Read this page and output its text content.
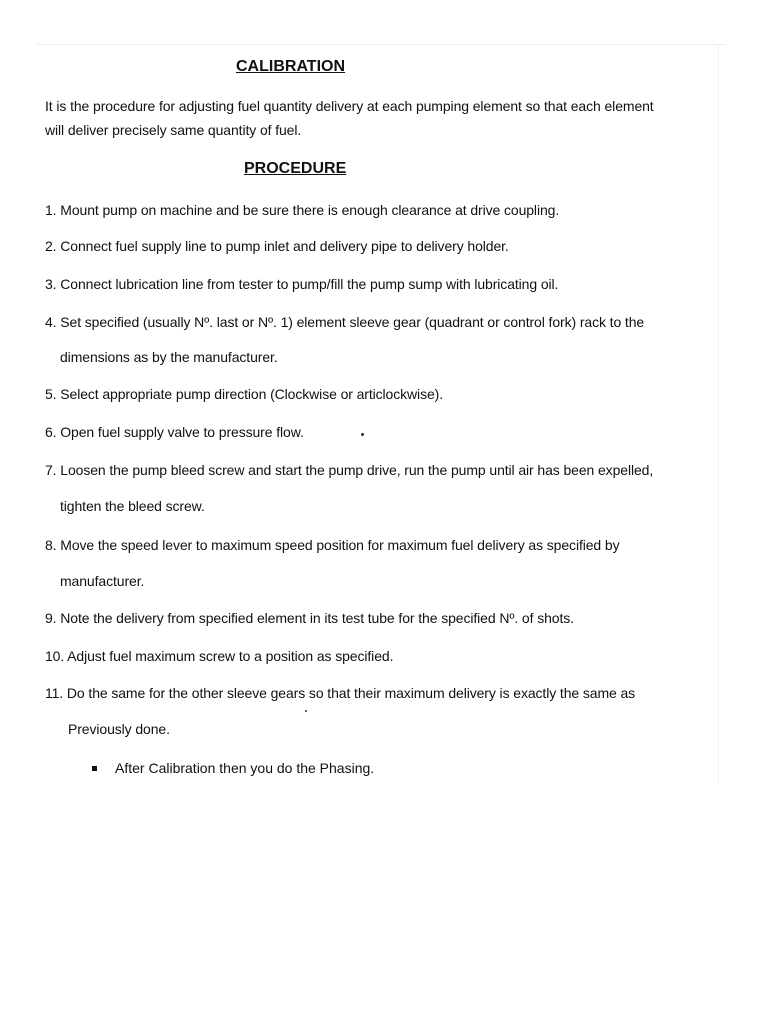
CALIBRATION
It is the procedure for adjusting fuel quantity delivery at each pumping element so that each element
will deliver precisely same quantity of fuel.
PROCEDURE
1. Mount pump on machine and be sure there is enough clearance at drive coupling.
2. Connect fuel supply line to pump inlet and delivery pipe to delivery holder.
3. Connect lubrication line from tester to pump/fill the pump sump with lubricating oil.
4. Set specified (usually Nº. last or Nº. 1) element sleeve gear (quadrant or control fork) rack to the
dimensions as by the manufacturer.
5. Select appropriate pump direction (Clockwise or articlockwise).
6. Open fuel supply valve to pressure flow.
7. Loosen the pump bleed screw and start the pump drive, run the pump until air has been expelled,
tighten the bleed screw.
8. Move the speed lever to maximum speed position for maximum fuel delivery as specified by
manufacturer.
9. Note the delivery from specified element in its test tube for the specified Nº. of shots.
10. Adjust fuel maximum screw to a position as specified.
11. Do the same for the other sleeve gears so that their maximum delivery is exactly the same as
Previously done.
After Calibration then you do the Phasing.
